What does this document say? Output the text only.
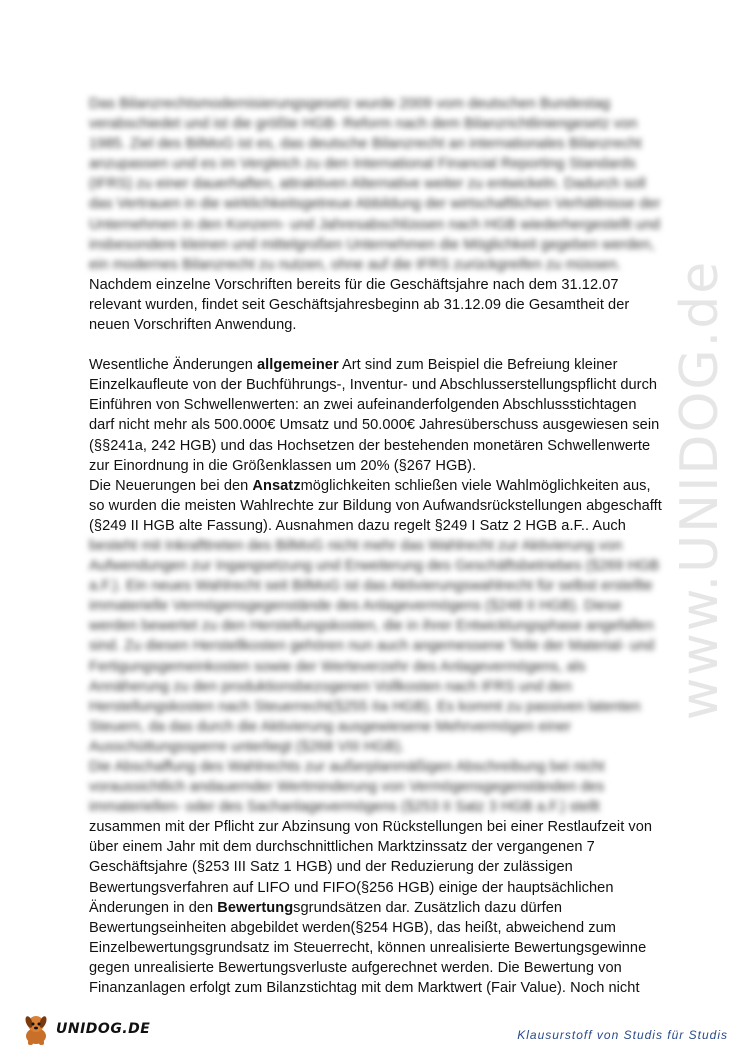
www.UNIDOG.de
Das Bilanzrechtsmodernisierungsgesetz wurde 2009 vom deutschen Bundestag
verabschiedet und ist die größte HGB- Reform nach dem Bilanzrichtliniengesetz von
1985. Ziel des BilMoG ist es, das deutsche Bilanzrecht an internationales Bilanzrecht
anzupassen und es im Vergleich zu den International Financial Reporting Standards
(IFRS) zu einer dauerhaften, attraktiven Alternative weiter zu entwickeln. Dadurch soll
das Vertrauen in die wirklichkeitsgetreue Abbildung der wirtschaftlichen Verhältnisse der
Unternehmen in den Konzern- und Jahresabschlüssen nach HGB wiederhergestellt und
insbesondere kleinen und mittelgroßen Unternehmen die Möglichkeit gegeben werden,
ein modernes Bilanzrecht zu nutzen, ohne auf die IFRS zurückgreifen zu müssen.
Nachdem einzelne Vorschriften bereits für die Geschäftsjahre nach dem 31.12.07
relevant wurden, findet seit Geschäftsjahresbeginn ab 31.12.09 die Gesamtheit der
neuen Vorschriften Anwendung.
Wesentliche Änderungen allgemeiner Art sind zum Beispiel die Befreiung kleiner
Einzelkaufleute von der Buchführungs-, Inventur- und Abschlusserstellungspflicht durch
Einführen von Schwellenwerten: an zwei aufeinanderfolgenden Abschlussstichtagen
darf nicht mehr als 500.000€ Umsatz und 50.000€ Jahresüberschuss ausgewiesen sein
(§§241a, 242 HGB) und das Hochsetzen der bestehenden monetären Schwellenwerte
zur Einordnung in die Größenklassen um 20% (§267 HGB).
Die Neuerungen bei den Ansatzmöglichkeiten schließen viele Wahlmöglichkeiten aus,
so wurden die meisten Wahlrechte zur Bildung von Aufwandsrückstellungen abgeschafft
(§249 II HGB alte Fassung). Ausnahmen dazu regelt §249 I Satz 2 HGB a.F.. Auch
besteht mit Inkrafttreten des BilMoG nicht mehr das Wahlrecht zur Aktivierung von
Aufwendungen zur Ingangsetzung und Erweiterung des Geschäftsbetriebes (§269 HGB
a.F.). Ein neues Wahlrecht seit BilMoG ist das Aktivierungswahlrecht für selbst erstellte
immaterielle Vermögensgegenstände des Anlagevermögens (§248 II HGB). Diese
werden bewertet zu den Herstellungskosten, die in ihrer Entwicklungsphase angefallen
sind. Zu diesen Herstellkosten gehören nun auch angemessene Teile der Material- und
Fertigungsgemeinkosten sowie der Werteverzehr des Anlagevermögens, als
Annäherung zu den produktionsbezogenen Vollkosten nach IFRS und den
Herstellungskosten nach Steuerrecht(§255 IIa HGB). Es kommt zu passiven latenten
Steuern, da das durch die Aktivierung ausgewiesene Mehrvermögen einer
Ausschüttungssperre unterliegt (§268 VIII HGB).
Die Abschaffung des Wahlrechts zur außerplanmäßigen Abschreibung bei nicht
voraussichtlich andauernder Wertminderung von Vermögensgegenständen des
immateriellen- oder des Sachanlagevermögens (§253 II Satz 3 HGB a.F.) stellt
zusammen mit der Pflicht zur Abzinsung von Rückstellungen bei einer Restlaufzeit von
über einem Jahr mit dem durchschnittlichen Marktzinssatz der vergangenen 7
Geschäftsjahre (§253 III Satz 1 HGB) und der Reduzierung der zulässigen
Bewertungsverfahren auf LIFO und FIFO(§256 HGB) einige der hauptsächlichen
Änderungen in den Bewertungsgrundsätzen dar. Zusätzlich dazu dürfen
Bewertungseinheiten abgebildet werden(§254 HGB), das heißt, abweichend zum
Einzelbewertungsgrundsatz im Steuerrecht, können unrealisierte Bewertungsgewinne
gegen unrealisierte Bewertungsverluste aufgerechnet werden. Die Bewertung von
Finanzanlagen erfolgt zum Bilanzstichtag mit dem Marktwert (Fair Value). Noch nicht
UNIDOG.DE	Klausurstoff von Studis für Studis
